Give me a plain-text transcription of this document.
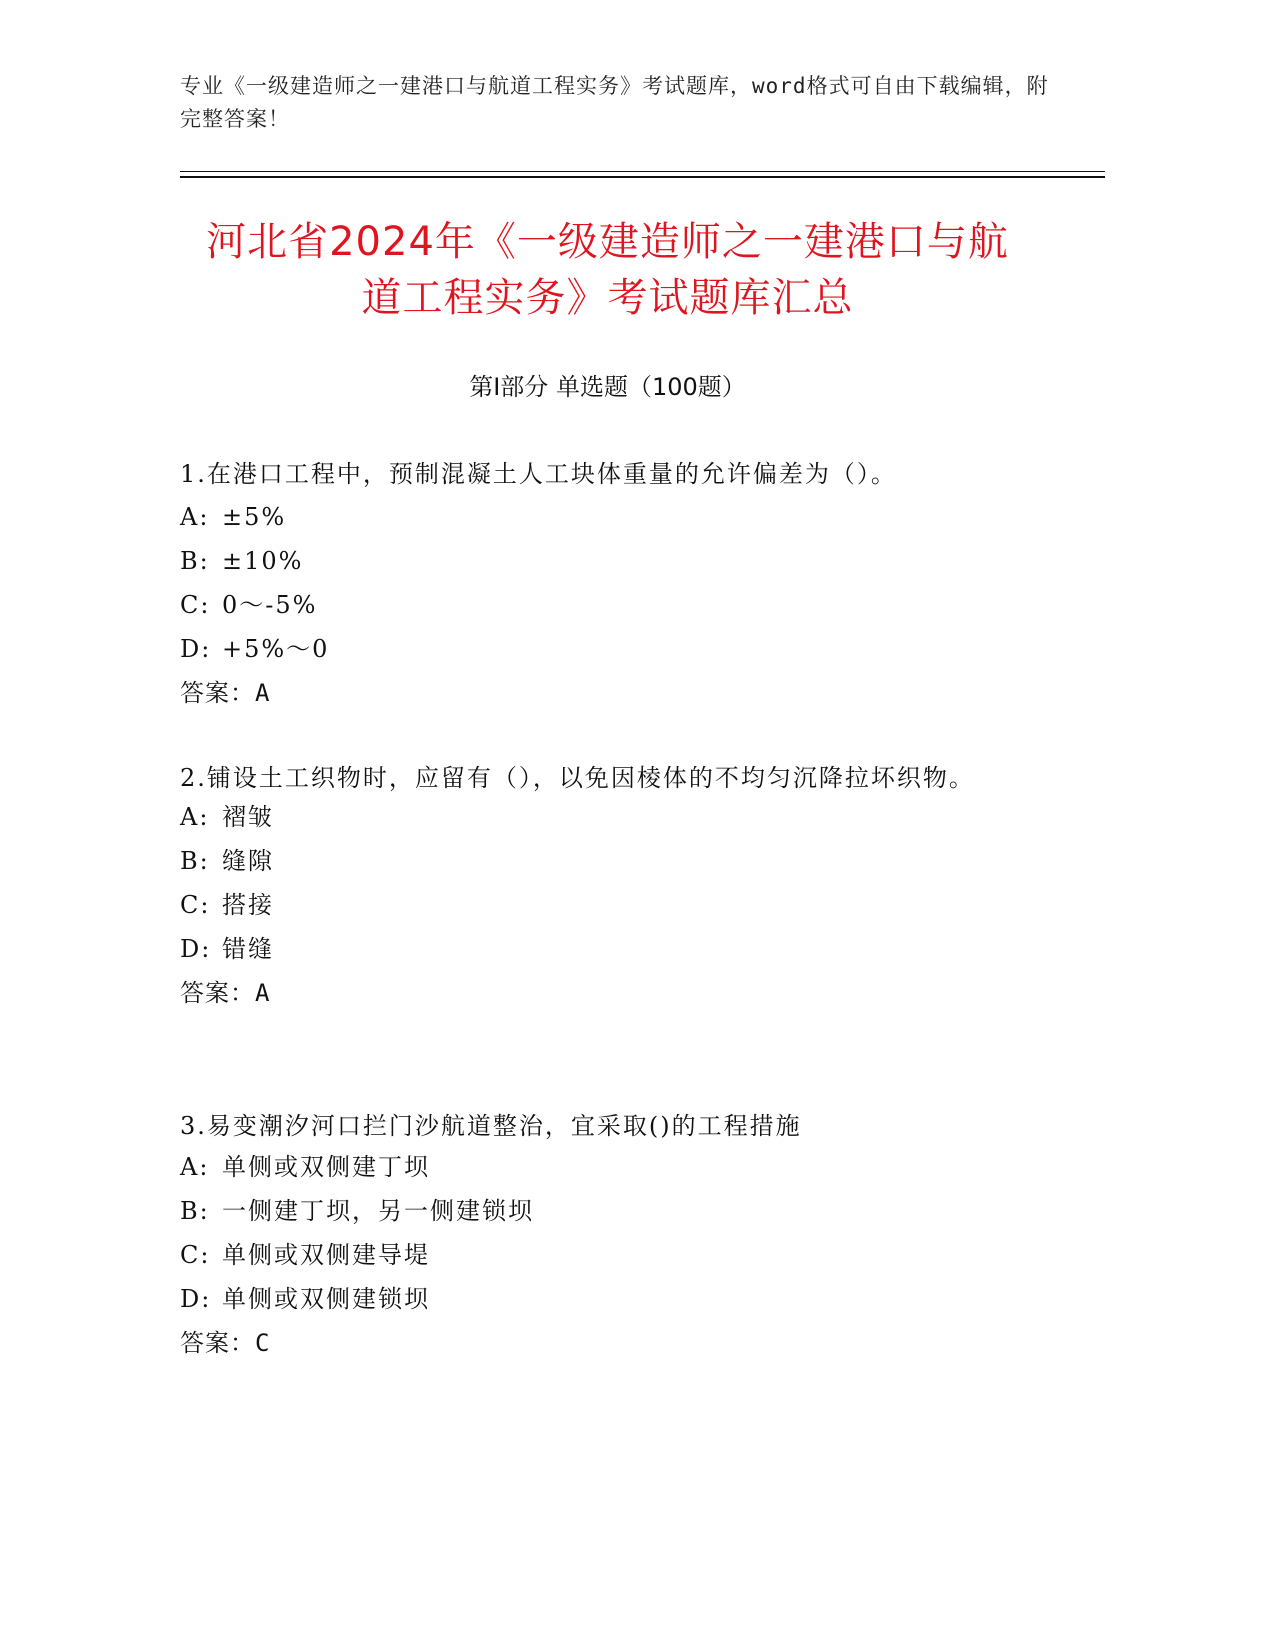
专业《一级建造师之一建港口与航道工程实务》考试题库，word格式可自由下载编辑，附完整答案！
河北省2024年《一级建造师之一建港口与航
道工程实务》考试题库汇总
第Ⅰ部分 单选题（100题）
1.在港口工程中，预制混凝土人工块体重量的允许偏差为（）。
A: ±5%
B: ±10%
C: 0～-5%
D: +5%～0
答案：A
2.铺设土工织物时，应留有（），以免因棱体的不均匀沉降拉坏织物。
A: 褶皱
B: 缝隙
C: 搭接
D: 错缝
答案：A
3.易变潮汐河口拦门沙航道整治，宜采取()的工程措施
A: 单侧或双侧建丁坝
B: 一侧建丁坝，另一侧建锁坝
C: 单侧或双侧建导堤
D: 单侧或双侧建锁坝
答案：C
